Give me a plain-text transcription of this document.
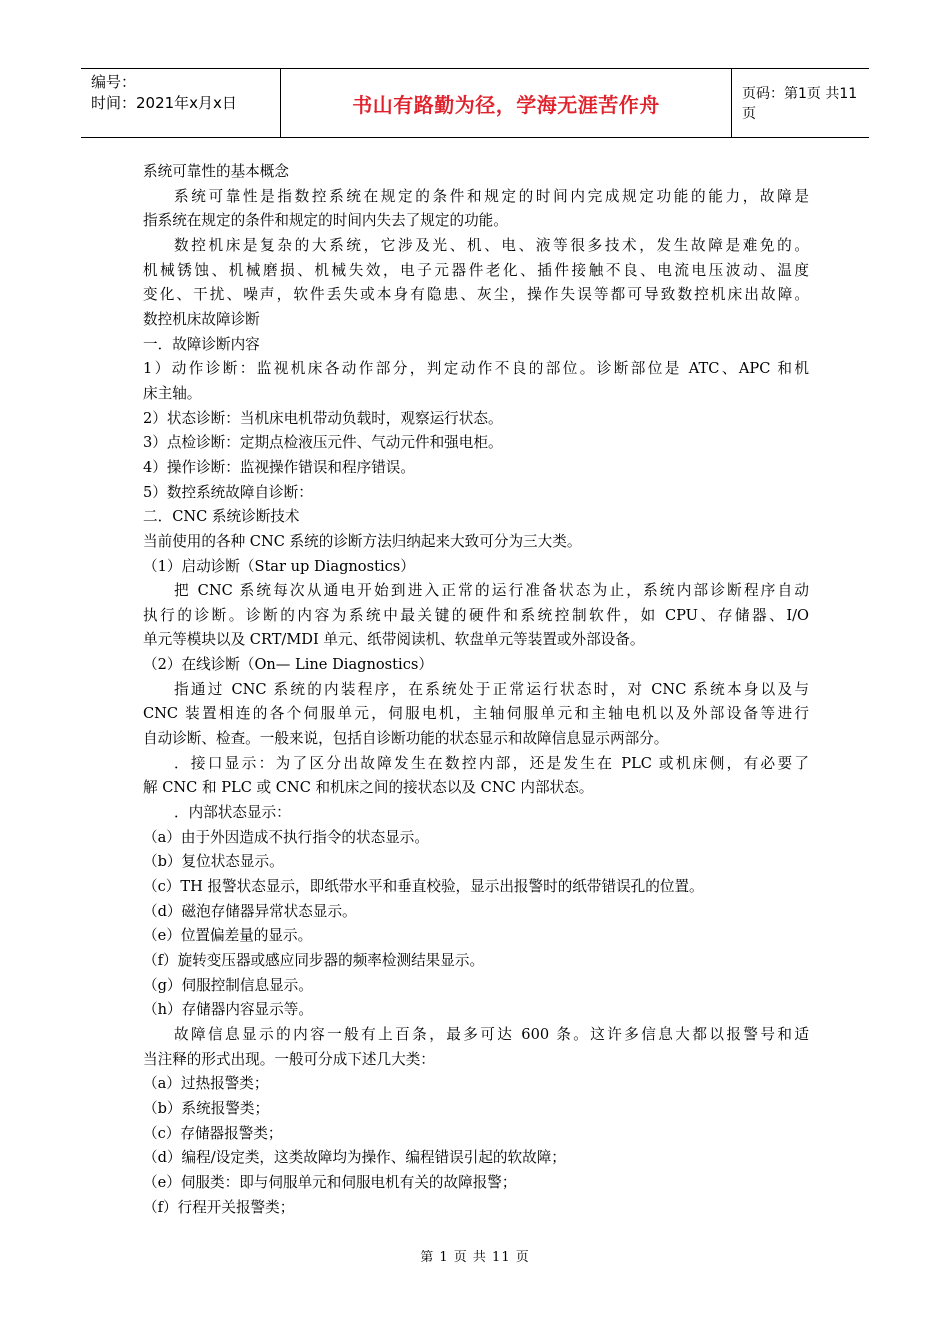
编号：
时间：2021年x月x日	书山有路勤为径，学海无涯苦作舟	页码：第1页 共11页
系统可靠性的基本概念
系统可靠性是指数控系统在规定的条件和规定的时间内完成规定功能的能力，故障是
指系统在规定的条件和规定的时间内失去了规定的功能。
数控机床是复杂的大系统，它涉及光、机、电、液等很多技术，发生故障是难免的。
机械锈蚀、机械磨损、机械失效，电子元器件老化、插件接触不良、电流电压波动、温度
变化、干扰、噪声，软件丢失或本身有隐患、灰尘，操作失误等都可导致数控机床出故障。
数控机床故障诊断
一．故障诊断内容
1）动作诊断：监视机床各动作部分，判定动作不良的部位。诊断部位是 ATC、APC 和机
床主轴。
2）状态诊断：当机床电机带动负载时，观察运行状态。
3）点检诊断：定期点检液压元件、气动元件和强电柜。
4）操作诊断：监视操作错误和程序错误。
5）数控系统故障自诊断：
二．CNC 系统诊断技术
当前使用的各种 CNC 系统的诊断方法归纳起来大致可分为三大类。
（1）启动诊断（Star up Diagnostics）
把 CNC 系统每次从通电开始到进入正常的运行准备状态为止，系统内部诊断程序自动
执行的诊断。诊断的内容为系统中最关键的硬件和系统控制软件，如 CPU、存储器、I/O
单元等模块以及 CRT/MDI 单元、纸带阅读机、软盘单元等装置或外部设备。
（2）在线诊断（On— Line Diagnostics）
指通过 CNC 系统的内装程序，在系统处于正常运行状态时，对 CNC 系统本身以及与
CNC 装置相连的各个伺服单元，伺服电机，主轴伺服单元和主轴电机以及外部设备等进行
自动诊断、检查。一般来说，包括自诊断功能的状态显示和故障信息显示两部分。
．接口显示：为了区分出故障发生在数控内部，还是发生在 PLC 或机床侧，有必要了
解 CNC 和 PLC 或 CNC 和机床之间的接状态以及 CNC 内部状态。
．内部状态显示：
（a）由于外因造成不执行指令的状态显示。
（b）复位状态显示。
（c）TH 报警状态显示，即纸带水平和垂直校验，显示出报警时的纸带错误孔的位置。
（d）磁泡存储器异常状态显示。
（e）位置偏差量的显示。
（f）旋转变压器或感应同步器的频率检测结果显示。
（g）伺服控制信息显示。
（h）存储器内容显示等。
故障信息显示的内容一般有上百条，最多可达 600 条。这许多信息大都以报警号和适
当注释的形式出现。一般可分成下述几大类：
（a）过热报警类；
（b）系统报警类；
（c）存储器报警类；
（d）编程/设定类，这类故障均为操作、编程错误引起的软故障；
（e）伺服类：即与伺服单元和伺服电机有关的故障报警；
（f）行程开关报警类；
第 1 页 共 11 页
